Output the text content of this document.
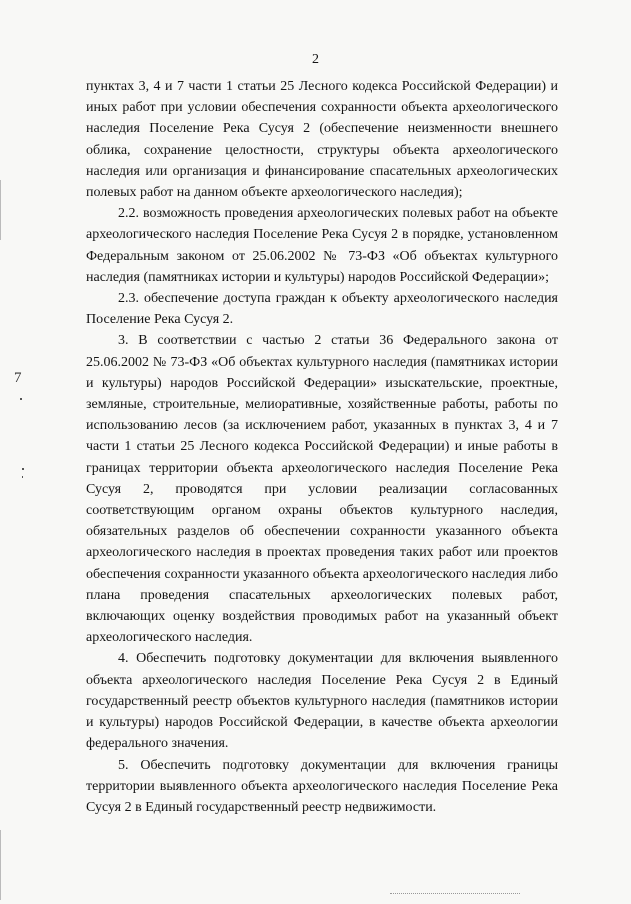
7
2

пунктах 3, 4 и 7 части 1 статьи 25 Лесного кодекса Российской Федерации) и иных работ при условии обеспечения сохранности объекта археологического наследия Поселение Река Сусуя 2 (обеспечение неизменности внешнего облика, сохранение целостности, структуры объекта археологического наследия или организация и финансирование спасательных археологических полевых работ на данном объекте археологического наследия);

2.2. возможность проведения археологических полевых работ на объекте археологического наследия Поселение Река Сусуя 2 в порядке, установленном Федеральным законом от 25.06.2002 № 73-ФЗ «Об объектах культурного наследия (памятниках истории и культуры) народов Российской Федерации»;

2.3. обеспечение доступа граждан к объекту археологического наследия Поселение Река Сусуя 2.

3. В соответствии с частью 2 статьи 36 Федерального закона от 25.06.2002 № 73-ФЗ «Об объектах культурного наследия (памятниках истории и культуры) народов Российской Федерации» изыскательские, проектные, земляные, строительные, мелиоративные, хозяйственные работы, работы по использованию лесов (за исключением работ, указанных в пунктах 3, 4 и 7 части 1 статьи 25 Лесного кодекса Российской Федерации) и иные работы в границах территории объекта археологического наследия Поселение Река Сусуя 2, проводятся при условии реализации согласованных соответствующим органом охраны объектов культурного наследия, обязательных разделов об обеспечении сохранности указанного объекта археологического наследия в проектах проведения таких работ или проектов обеспечения сохранности указанного объекта археологического наследия либо плана проведения спасательных археологических полевых работ, включающих оценку воздействия проводимых работ на указанный объект археологического наследия.

4. Обеспечить подготовку документации для включения выявленного объекта археологического наследия Поселение Река Сусуя 2 в Единый государственный реестр объектов культурного наследия (памятников истории и культуры) народов Российской Федерации, в качестве объекта археологии федерального значения.

5. Обеспечить подготовку документации для включения границы территории выявленного объекта археологического наследия Поселение Река Сусуя 2 в Единый государственный реестр недвижимости.
